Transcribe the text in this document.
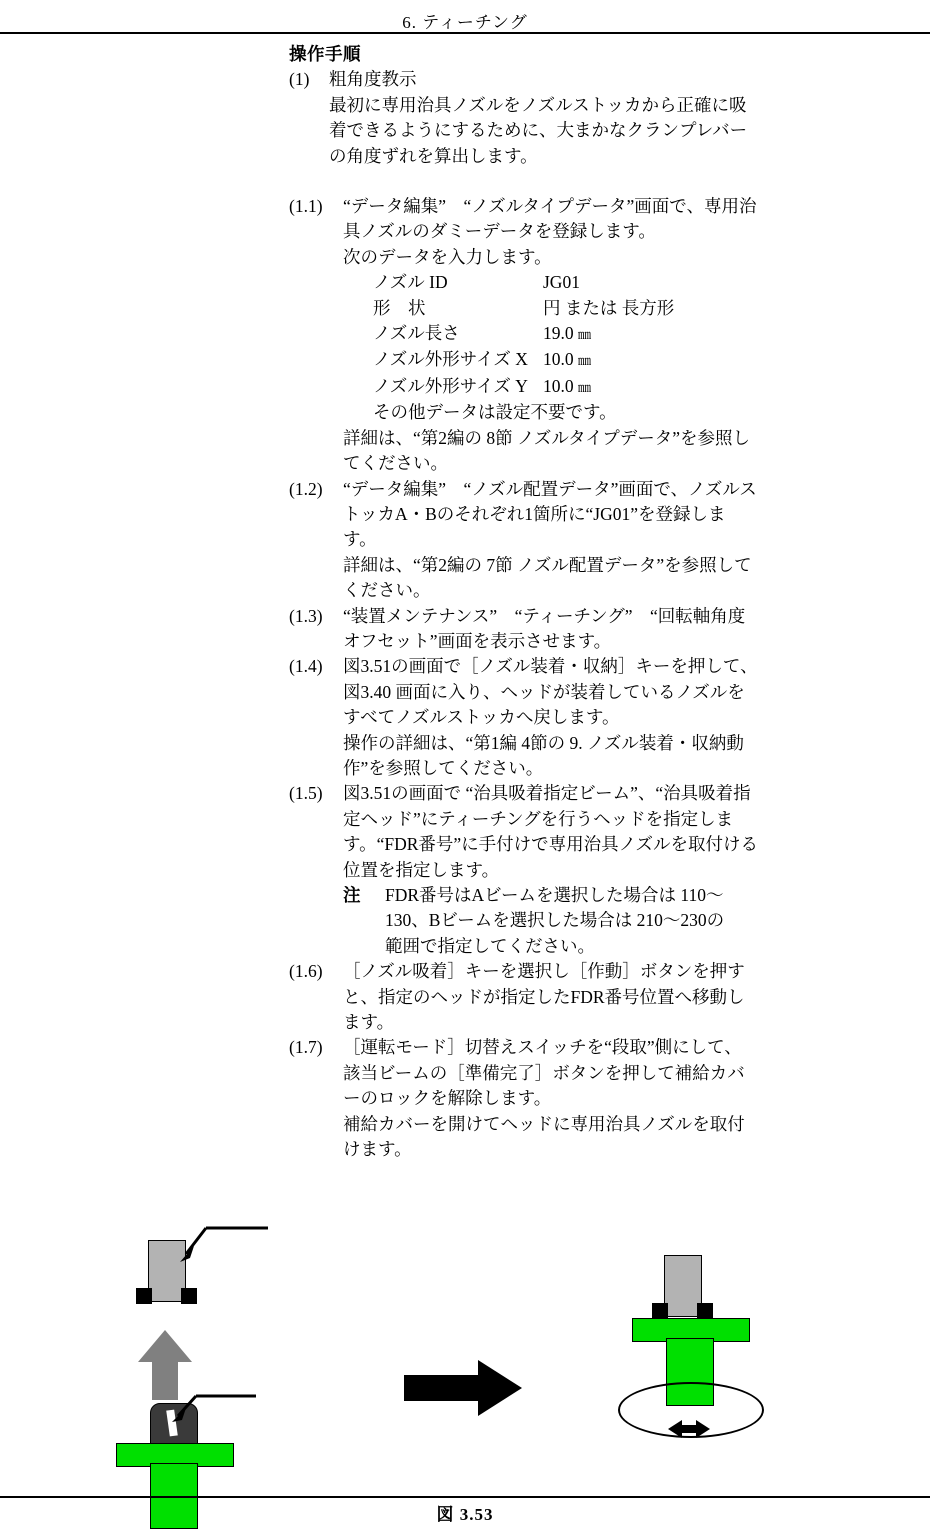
6. ティーチング
操作手順
(1)	粗角度教示
最初に専用治具ノズルをノズルストッカから正確に吸着できるようにするために、大まかなクランプレバーの角度ずれを算出します。
(1.1)	“データ編集”　“ノズルタイプデータ”画面で、専用治具ノズルのダミーデータを登録します。
次のデータを入力します。
ノズル ID	JG01
形　状	円 または 長方形
ノズル長さ	19.0 ㎜
ノズル外形サイズ X 10.0 ㎜
ノズル外形サイズ Y 10.0 ㎜
その他データは設定不要です。
詳細は、“第2編の 8節 ノズルタイプデータ”を参照してください。
(1.2)	“データ編集”　“ノズル配置データ”画面で、ノズルストッカA・Bのそれぞれ1箇所に“JG01”を登録します。
詳細は、“第2編の 7節 ノズル配置データ”を参照してください。
(1.3)	“装置メンテナンス”　“ティーチング”　“回転軸角度オフセット”画面を表示させます。
(1.4)	図3.51の画面で［ノズル装着・収納］キーを押して、図3.40 画面に入り、ヘッドが装着しているノズルをすべてノズルストッカへ戻します。
操作の詳細は、“第1編 4節の 9. ノズル装着・収納動作”を参照してください。
(1.5)	図3.51の画面で “治具吸着指定ビーム”、“治具吸着指定ヘッド”にティーチングを行うヘッドを指定します。“FDR番号”に手付けで専用治具ノズルを取付ける位置を指定します。
注	FDR番号はAビームを選択した場合は 110～130、Bビームを選択した場合は 210～230の
範囲で指定してください。
(1.6)	［ノズル吸着］キーを選択し［作動］ボタンを押すと、指定のヘッドが指定したFDR番号位置へ移動します。
(1.7)	［運転モード］切替えスイッチを“段取”側にして、該当ビームの［準備完了］ボタンを押して補給カバーのロックを解除します。
補給カバーを開けてヘッドに専用治具ノズルを取付けます。
図 3.53
